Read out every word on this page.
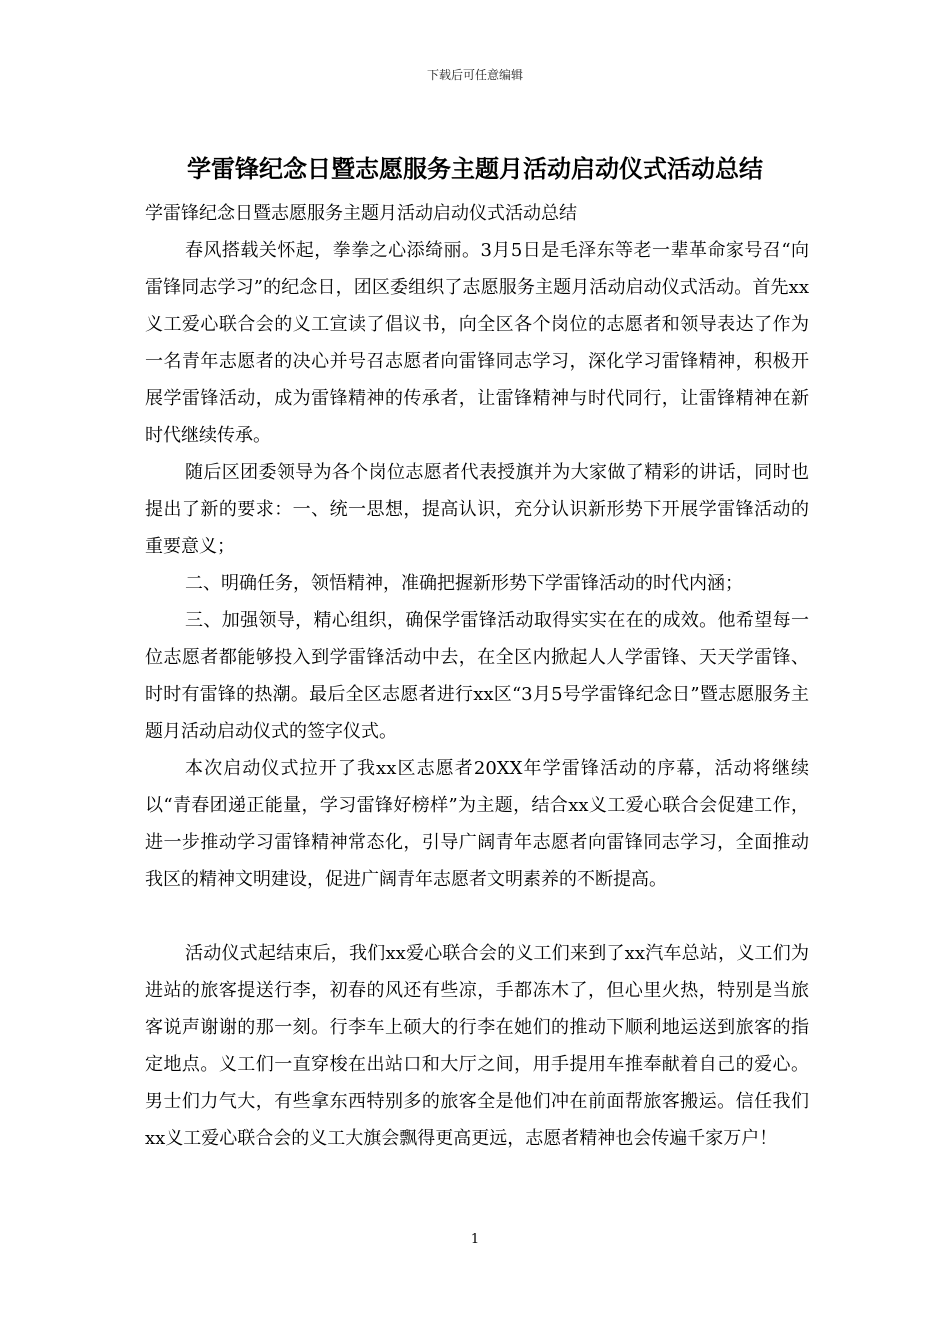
下载后可任意编辑
学雷锋纪念日暨志愿服务主题月活动启动仪式活动总结

学雷锋纪念日暨志愿服务主题月活动启动仪式活动总结

春风搭载关怀起，拳拳之心添绮丽。3月5日是毛泽东等老一辈革命家号召“向雷锋同志学习”的纪念日，团区委组织了志愿服务主题月活动启动仪式活动。首先xx义工爱心联合会的义工宣读了倡议书，向全区各个岗位的志愿者和领导表达了作为一名青年志愿者的决心并号召志愿者向雷锋同志学习，深化学习雷锋精神，积极开展学雷锋活动，成为雷锋精神的传承者，让雷锋精神与时代同行，让雷锋精神在新时代继续传承。

随后区团委领导为各个岗位志愿者代表授旗并为大家做了精彩的讲话，同时也提出了新的要求：一、统一思想，提高认识，充分认识新形势下开展学雷锋活动的重要意义；

二、明确任务，领悟精神，准确把握新形势下学雷锋活动的时代内涵；

三、加强领导，精心组织，确保学雷锋活动取得实实在在的成效。他希望每一位志愿者都能够投入到学雷锋活动中去，在全区内掀起人人学雷锋、天天学雷锋、时时有雷锋的热潮。最后全区志愿者进行xx区“3月5号学雷锋纪念日”暨志愿服务主题月活动启动仪式的签字仪式。

本次启动仪式拉开了我xx区志愿者20XX年学雷锋活动的序幕，活动将继续以“青春团递正能量，学习雷锋好榜样”为主题，结合xx义工爱心联合会促建工作，进一步推动学习雷锋精神常态化，引导广阔青年志愿者向雷锋同志学习，全面推动我区的精神文明建设，促进广阔青年志愿者文明素养的不断提高。

活动仪式起结束后，我们xx爱心联合会的义工们来到了xx汽车总站，义工们为进站的旅客提送行李，初春的风还有些凉，手都冻木了，但心里火热，特别是当旅客说声谢谢的那一刻。行李车上硕大的行李在她们的推动下顺利地运送到旅客的指定地点。义工们一直穿梭在出站口和大厅之间，用手提用车推奉献着自己的爱心。男士们力气大，有些拿东西特别多的旅客全是他们冲在前面帮旅客搬运。信任我们xx义工爱心联合会的义工大旗会飘得更高更远，志愿者精神也会传遍千家万户！

1
